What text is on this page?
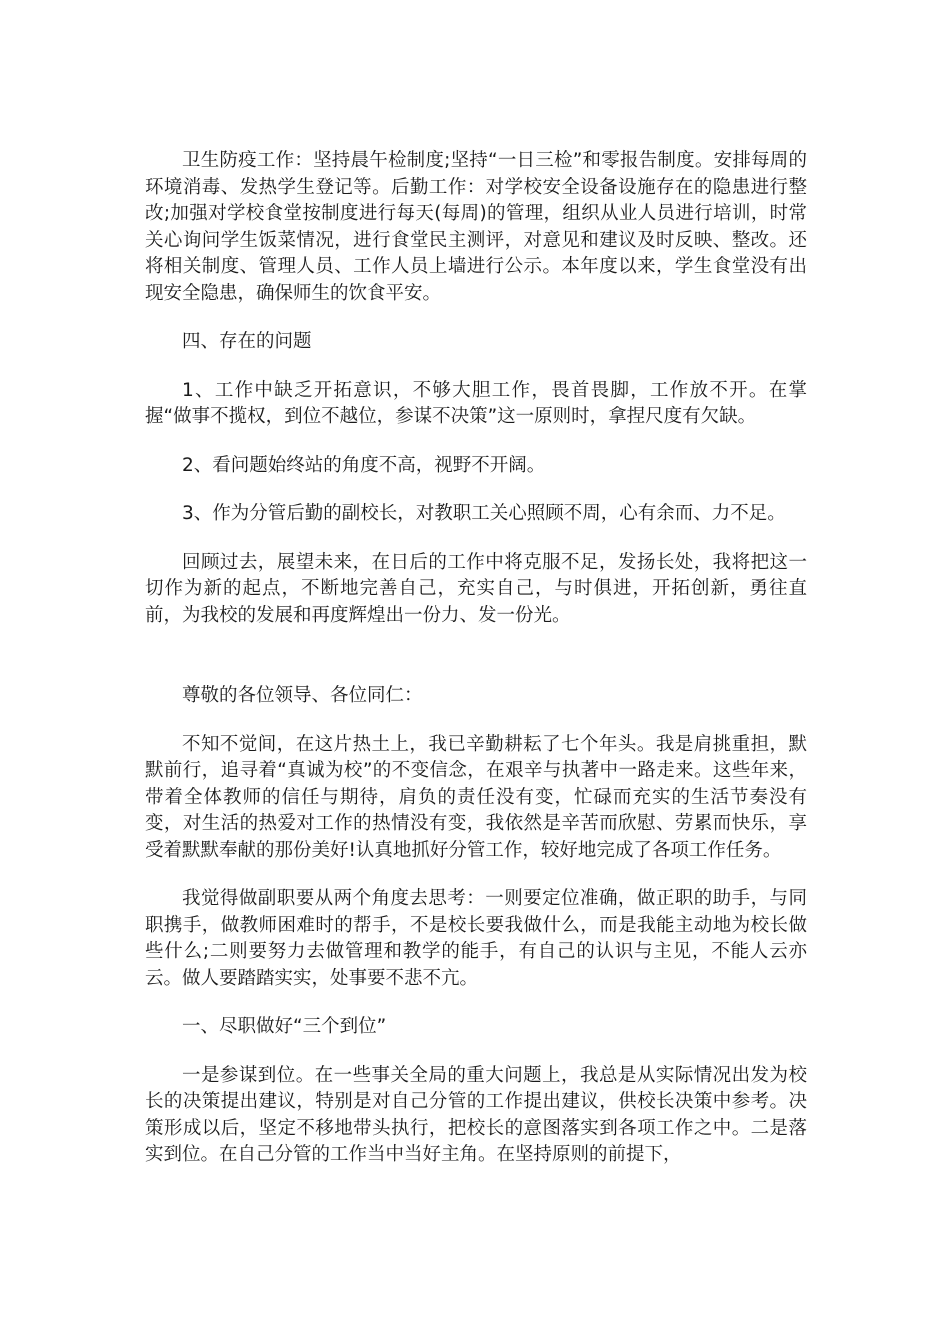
卫生防疫工作：坚持晨午检制度;坚持“一日三检”和零报告制度。安排每周的环境消毒、发热学生登记等。后勤工作：对学校安全设备设施存在的隐患进行整改;加强对学校食堂按制度进行每天(每周)的管理，组织从业人员进行培训，时常关心询问学生饭菜情况，进行食堂民主测评，对意见和建议及时反映、整改。还将相关制度、管理人员、工作人员上墙进行公示。本年度以来，学生食堂没有出现安全隐患，确保师生的饮食平安。

四、存在的问题

1、工作中缺乏开拓意识，不够大胆工作，畏首畏脚，工作放不开。在掌握“做事不揽权，到位不越位，参谋不决策”这一原则时，拿捏尺度有欠缺。

2、看问题始终站的角度不高，视野不开阔。

3、作为分管后勤的副校长，对教职工关心照顾不周，心有余而、力不足。

回顾过去，展望未来，在日后的工作中将克服不足，发扬长处，我将把这一切作为新的起点，不断地完善自己，充实自己，与时俱进，开拓创新，勇往直前，为我校的发展和再度辉煌出一份力、发一份光。

尊敬的各位领导、各位同仁：

不知不觉间，在这片热土上，我已辛勤耕耘了七个年头。我是肩挑重担，默默前行，追寻着“真诚为校”的不变信念，在艰辛与执著中一路走来。这些年来，带着全体教师的信任与期待，肩负的责任没有变，忙碌而充实的生活节奏没有变，对生活的热爱对工作的热情没有变，我依然是辛苦而欣慰、劳累而快乐，享受着默默奉献的那份美好!认真地抓好分管工作，较好地完成了各项工作任务。

我觉得做副职要从两个角度去思考：一则要定位准确，做正职的助手，与同职携手，做教师困难时的帮手，不是校长要我做什么，而是我能主动地为校长做些什么;二则要努力去做管理和教学的能手，有自己的认识与主见，不能人云亦云。做人要踏踏实实，处事要不悲不亢。

一、尽职做好“三个到位”

一是参谋到位。在一些事关全局的重大问题上，我总是从实际情况出发为校长的决策提出建议，特别是对自己分管的工作提出建议，供校长决策中参考。决策形成以后，坚定不移地带头执行，把校长的意图落实到各项工作之中。二是落实到位。在自己分管的工作当中当好主角。在坚持原则的前提下，
